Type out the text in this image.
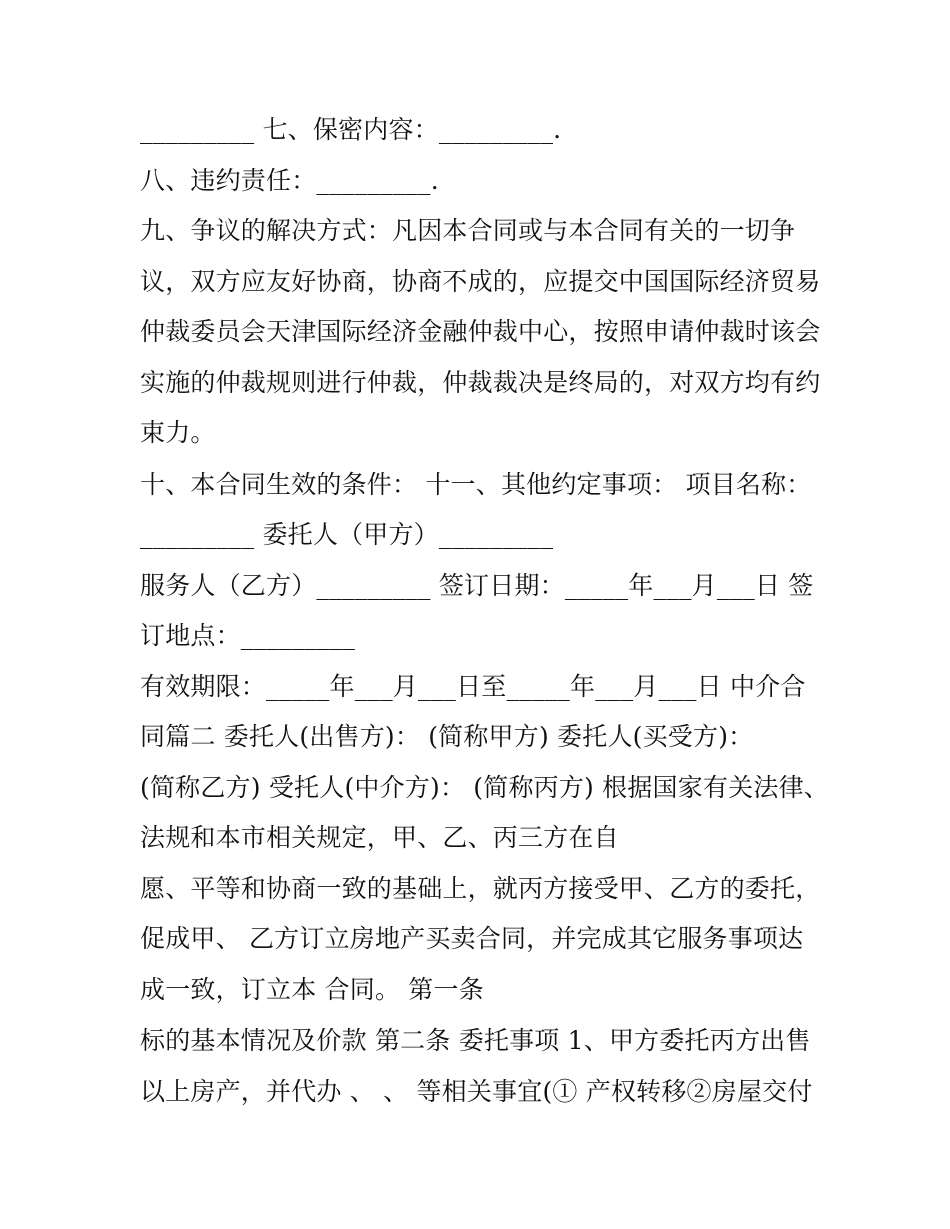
_________ 七、保密内容：_________.
八、违约责任：_________.
九、争议的解决方式：凡因本合同或与本合同有关的一切争
议，双方应友好协商，协商不成的，应提交中国国际经济贸易
仲裁委员会天津国际经济金融仲裁中心，按照申请仲裁时该会
实施的仲裁规则进行仲裁，仲裁裁决是终局的，对双方均有约
束力。
十、本合同生效的条件： 十一、其他约定事项： 项目名称：
_________ 委托人（甲方）_________
服务人（乙方）_________ 签订日期：_____年___月___日 签
订地点：_________
有效期限：_____年___月___日至_____年___月___日 中介合
同篇二 委托人(出售方)： (简称甲方) 委托人(买受方)：
(简称乙方) 受托人(中介方)： (简称丙方) 根据国家有关法律、
法规和本市相关规定，甲、乙、丙三方在自
愿、平等和协商一致的基础上，就丙方接受甲、乙方的委托，
促成甲、 乙方订立房地产买卖合同，并完成其它服务事项达
成一致，订立本 合同。 第一条
标的基本情况及价款 第二条 委托事项 1、甲方委托丙方出售
以上房产，并代办 、 、 等相关事宜(① 产权转移②房屋交付
